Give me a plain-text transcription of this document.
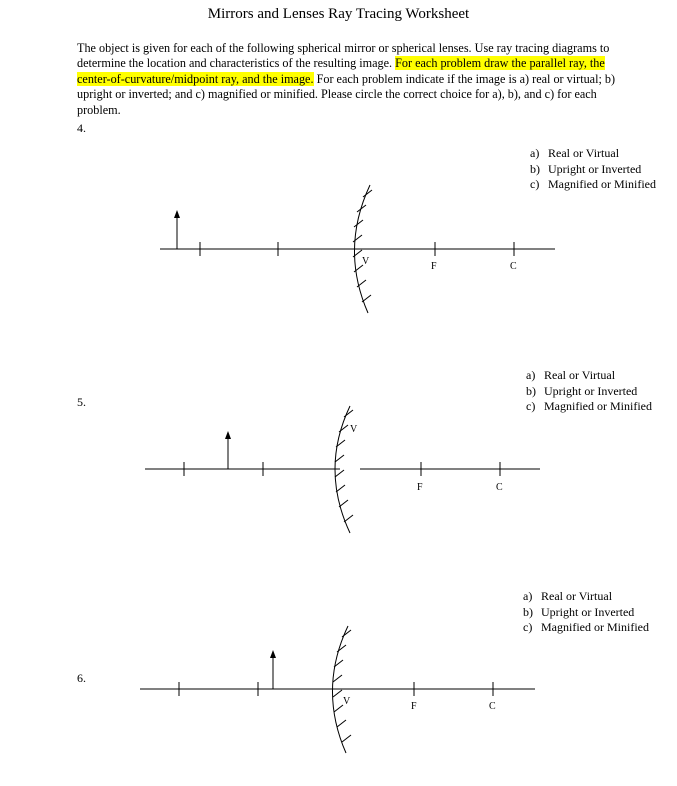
Mirrors and Lenses Ray Tracing Worksheet
The object is given for each of the following spherical mirror or spherical lenses. Use ray tracing diagrams to determine the location and characteristics of the resulting image. For each problem draw the parallel ray, the center-of-curvature/midpoint ray, and the image. For each problem indicate if the image is a) real or virtual; b) upright or inverted; and c) magnified or minified. Please circle the correct choice for a), b), and c) for each problem.
4.
a) Real or Virtual
b) Upright or Inverted
c) Magnified or Minified
V	F	C
5.
a) Real or Virtual
b) Upright or Inverted
c) Magnified or Minified
V
F	C
6.
a) Real or Virtual
b) Upright or Inverted
c) Magnified or Minified
V	F	C
